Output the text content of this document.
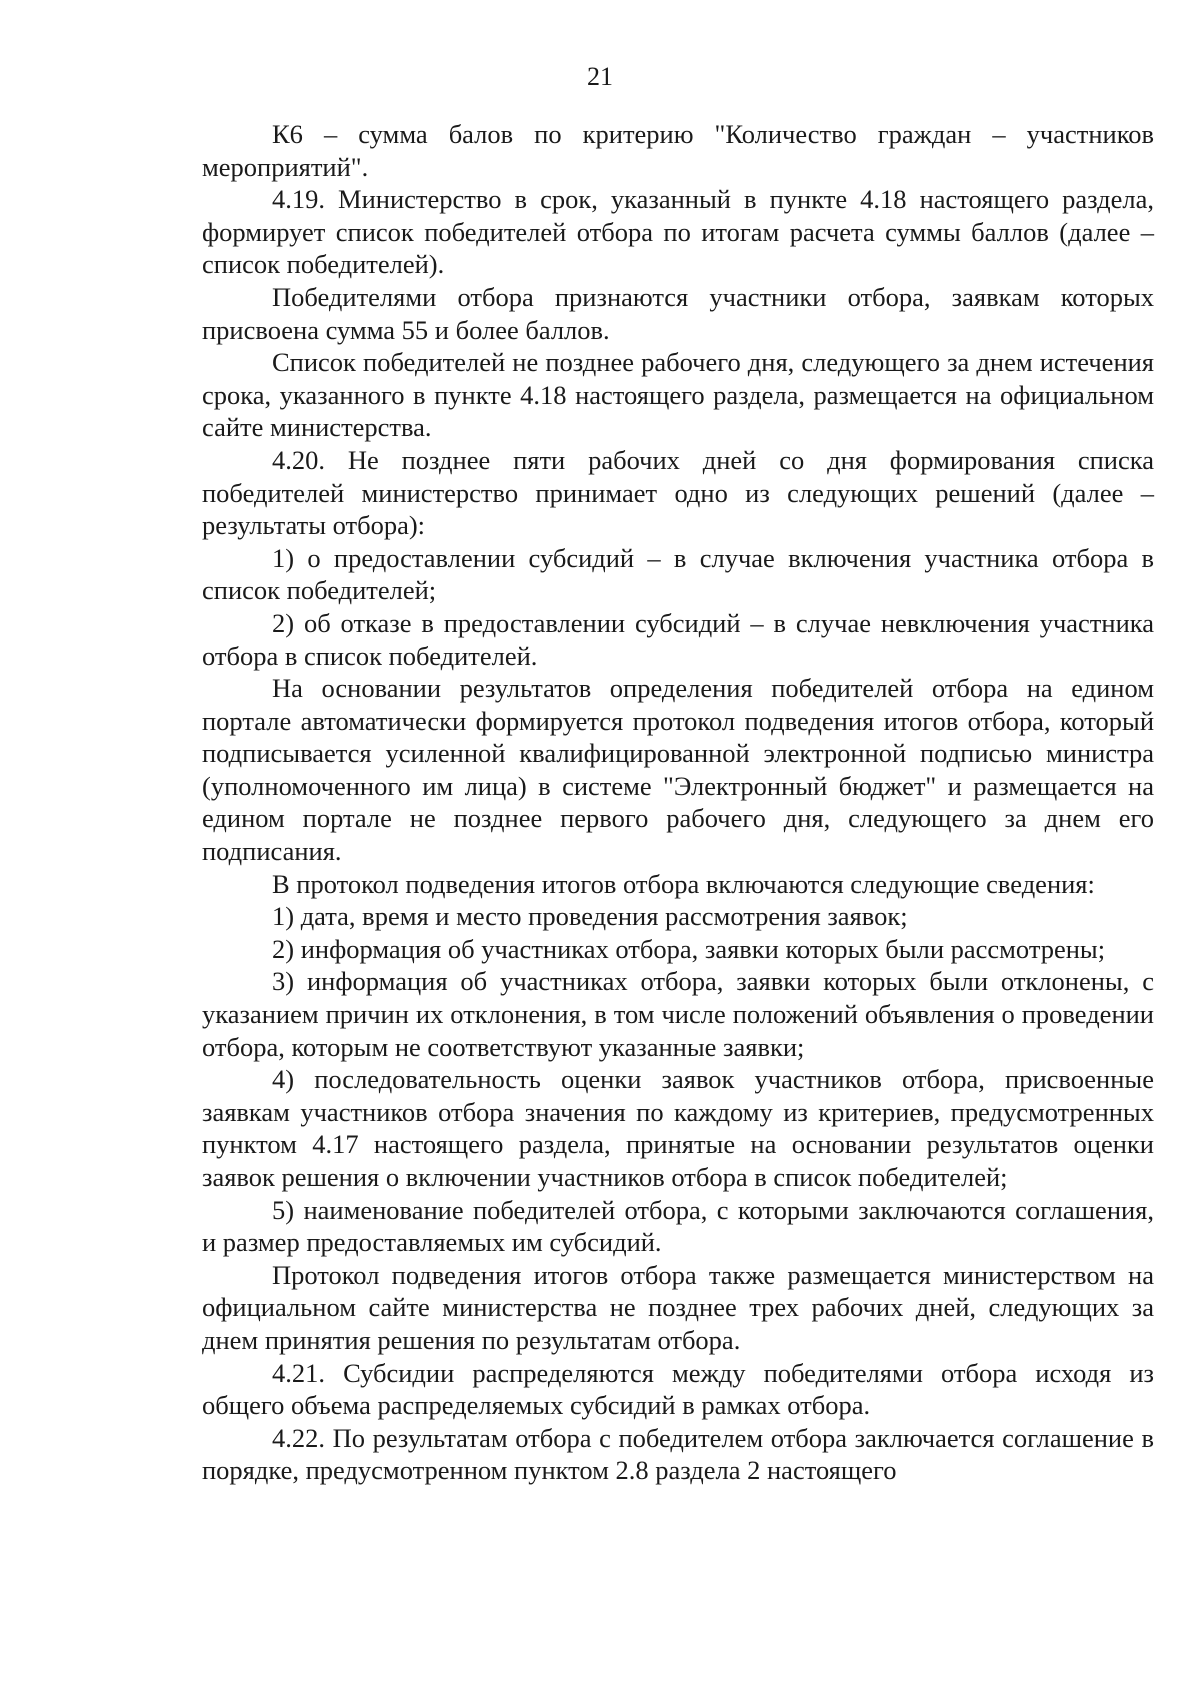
21

К6 – сумма балов по критерию "Количество граждан – участников мероприятий".

4.19. Министерство в срок, указанный в пункте 4.18 настоящего раздела, формирует список победителей отбора по итогам расчета суммы баллов (далее – список победителей).

Победителями отбора признаются участники отбора, заявкам которых присвоена сумма 55 и более баллов.

Список победителей не позднее рабочего дня, следующего за днем истечения срока, указанного в пункте 4.18 настоящего раздела, размещается на официальном сайте министерства.

4.20. Не позднее пяти рабочих дней со дня формирования списка победителей министерство принимает одно из следующих решений (далее – результаты отбора):

1) о предоставлении субсидий – в случае включения участника отбора в список победителей;

2) об отказе в предоставлении субсидий – в случае невключения участника отбора в список победителей.

На основании результатов определения победителей отбора на едином портале автоматически формируется протокол подведения итогов отбора, который подписывается усиленной квалифицированной электронной подписью министра (уполномоченного им лица) в системе "Электронный бюджет" и размещается на едином портале не позднее первого рабочего дня, следующего за днем его подписания.

В протокол подведения итогов отбора включаются следующие сведения:

1) дата, время и место проведения рассмотрения заявок;

2) информация об участниках отбора, заявки которых были рассмотрены;

3) информация об участниках отбора, заявки которых были отклонены, с указанием причин их отклонения, в том числе положений объявления о проведении отбора, которым не соответствуют указанные заявки;

4) последовательность оценки заявок участников отбора, присвоенные заявкам участников отбора значения по каждому из критериев, предусмотренных пунктом 4.17 настоящего раздела, принятые на основании результатов оценки заявок решения о включении участников отбора в список победителей;

5) наименование победителей отбора, с которыми заключаются соглашения, и размер предоставляемых им субсидий.

Протокол подведения итогов отбора также размещается министерством на официальном сайте министерства не позднее трех рабочих дней, следующих за днем принятия решения по результатам отбора.

4.21. Субсидии распределяются между победителями отбора исходя из общего объема распределяемых субсидий в рамках отбора.

4.22. По результатам отбора с победителем отбора заключается соглашение в порядке, предусмотренном пунктом 2.8 раздела 2 настоящего
